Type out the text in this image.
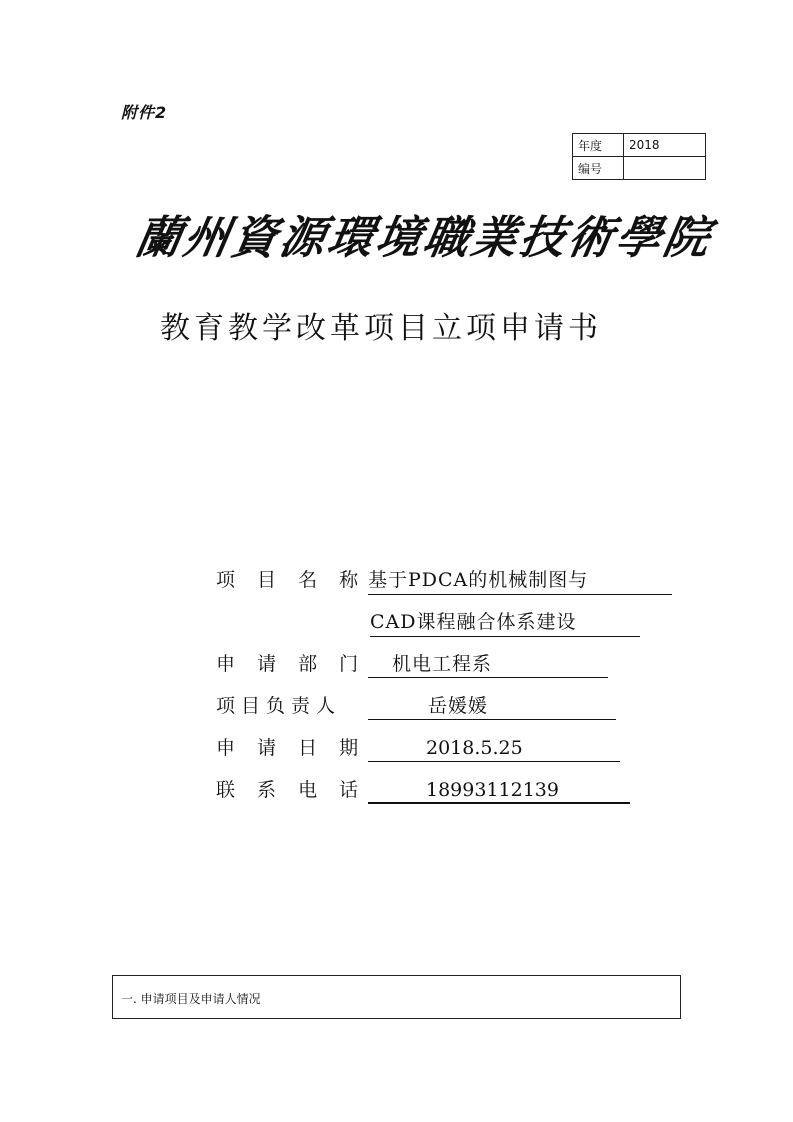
附件2
年度	2018
编号	
蘭州資源環境職業技術學院
教育教学改革项目立项申请书
项 目 名 称 基于PDCA的机械制图与
CAD课程融合体系建设
申 请 部 门	机电工程系
项目负责人	岳媛媛
申 请 日 期	2018.5.25
联 系 电 话	18993112139
一. 申请项目及申请人情况
